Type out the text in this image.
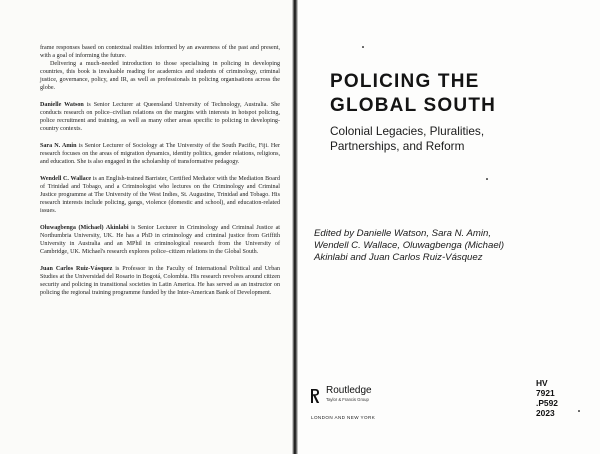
frame responses based on contextual realities informed by an awareness of the past and present, with a goal of informing the future.

Delivering a much-needed introduction to those specialising in policing in developing countries, this book is invaluable reading for academics and students of criminology, criminal justice, governance, policy, and IR, as well as professionals in policing organisations across the globe.

Danielle Watson is Senior Lecturer at Queensland University of Technology, Australia. She conducts research on police–civilian relations on the margins with interests in hotspot policing, police recruitment and training, as well as many other areas specific to policing in developing-country contexts.

Sara N. Amin is Senior Lecturer of Sociology at The University of the South Pacific, Fiji. Her research focuses on the areas of migration dynamics, identity politics, gender relations, religions, and education. She is also engaged in the scholarship of transformative pedagogy.

Wendell C. Wallace is an English-trained Barrister, Certified Mediator with the Mediation Board of Trinidad and Tobago, and a Criminologist who lectures on the Criminology and Criminal Justice programme at The University of the West Indies, St. Augustine, Trinidad and Tobago. His research interests include policing, gangs, violence (domestic and school), and education-related issues.

Oluwagbenga (Michael) Akinlabi is Senior Lecturer in Criminology and Criminal Justice at Northumbria University, UK. He has a PhD in criminology and criminal justice from Griffith University in Australia and an MPhil in criminological research from the University of Cambridge, UK. Michael's research explores police–citizen relations in the Global South.

Juan Carlos Ruiz-Vásquez is Professor in the Faculty of International Political and Urban Studies at the Universidad del Rosario in Bogotá, Colombia. His research revolves around citizen security and policing in transitional societies in Latin America. He has served as an instructor on policing the regional training programme funded by the Inter-American Bank of Development.

POLICING THE
GLOBAL SOUTH

Colonial Legacies, Pluralities,
Partnerships, and Reform

Edited by Danielle Watson, Sara N. Amin,
Wendell C. Wallace, Oluwagbenga (Michael)
Akinlabi and Juan Carlos Ruiz-Vásquez

Routledge
Taylor & Francis Group
LONDON AND NEW YORK
HV
7921
.P592
2023
